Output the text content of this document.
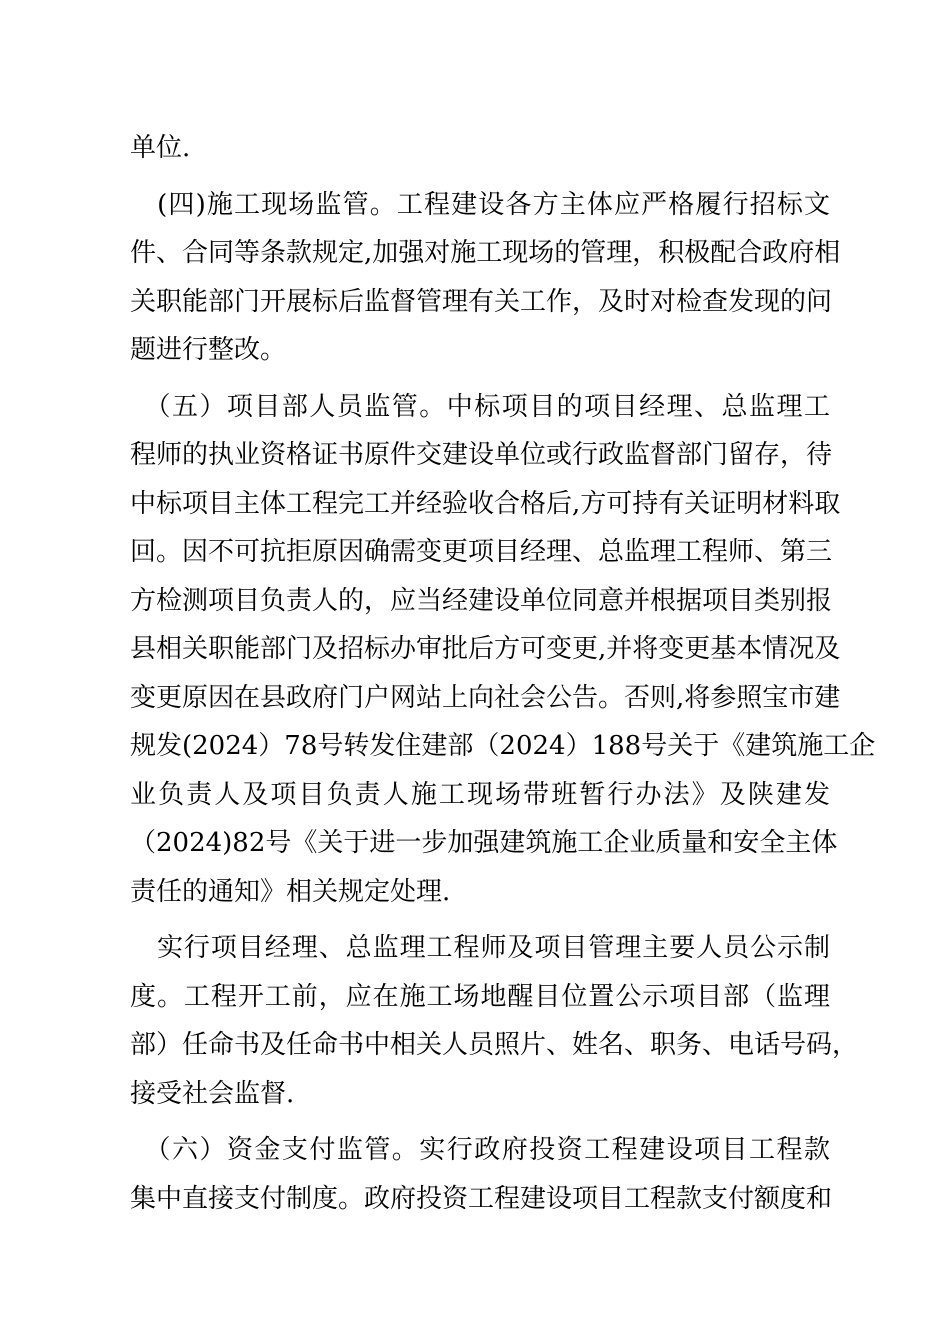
单位.
　(四)施工现场监管。工程建设各方主体应严格履行招标文
件、合同等条款规定,加强对施工现场的管理，积极配合政府相
关职能部门开展标后监督管理有关工作，及时对检查发现的问
题进行整改。
　（五）项目部人员监管。中标项目的项目经理、总监理工
程师的执业资格证书原件交建设单位或行政监督部门留存，待
中标项目主体工程完工并经验收合格后,方可持有关证明材料取
回。因不可抗拒原因确需变更项目经理、总监理工程师、第三
方检测项目负责人的，应当经建设单位同意并根据项目类别报
县相关职能部门及招标办审批后方可变更,并将变更基本情况及
变更原因在县政府门户网站上向社会公告。否则,将参照宝市建
规发(2024）78号转发住建部（2024）188号关于《建筑施工企
业负责人及项目负责人施工现场带班暂行办法》及陕建发
（2024)82号《关于进一步加强建筑施工企业质量和安全主体
责任的通知》相关规定处理.
　实行项目经理、总监理工程师及项目管理主要人员公示制
度。工程开工前，应在施工场地醒目位置公示项目部（监理
部）任命书及任命书中相关人员照片、姓名、职务、电话号码，
接受社会监督.
　（六）资金支付监管。实行政府投资工程建设项目工程款
集中直接支付制度。政府投资工程建设项目工程款支付额度和
